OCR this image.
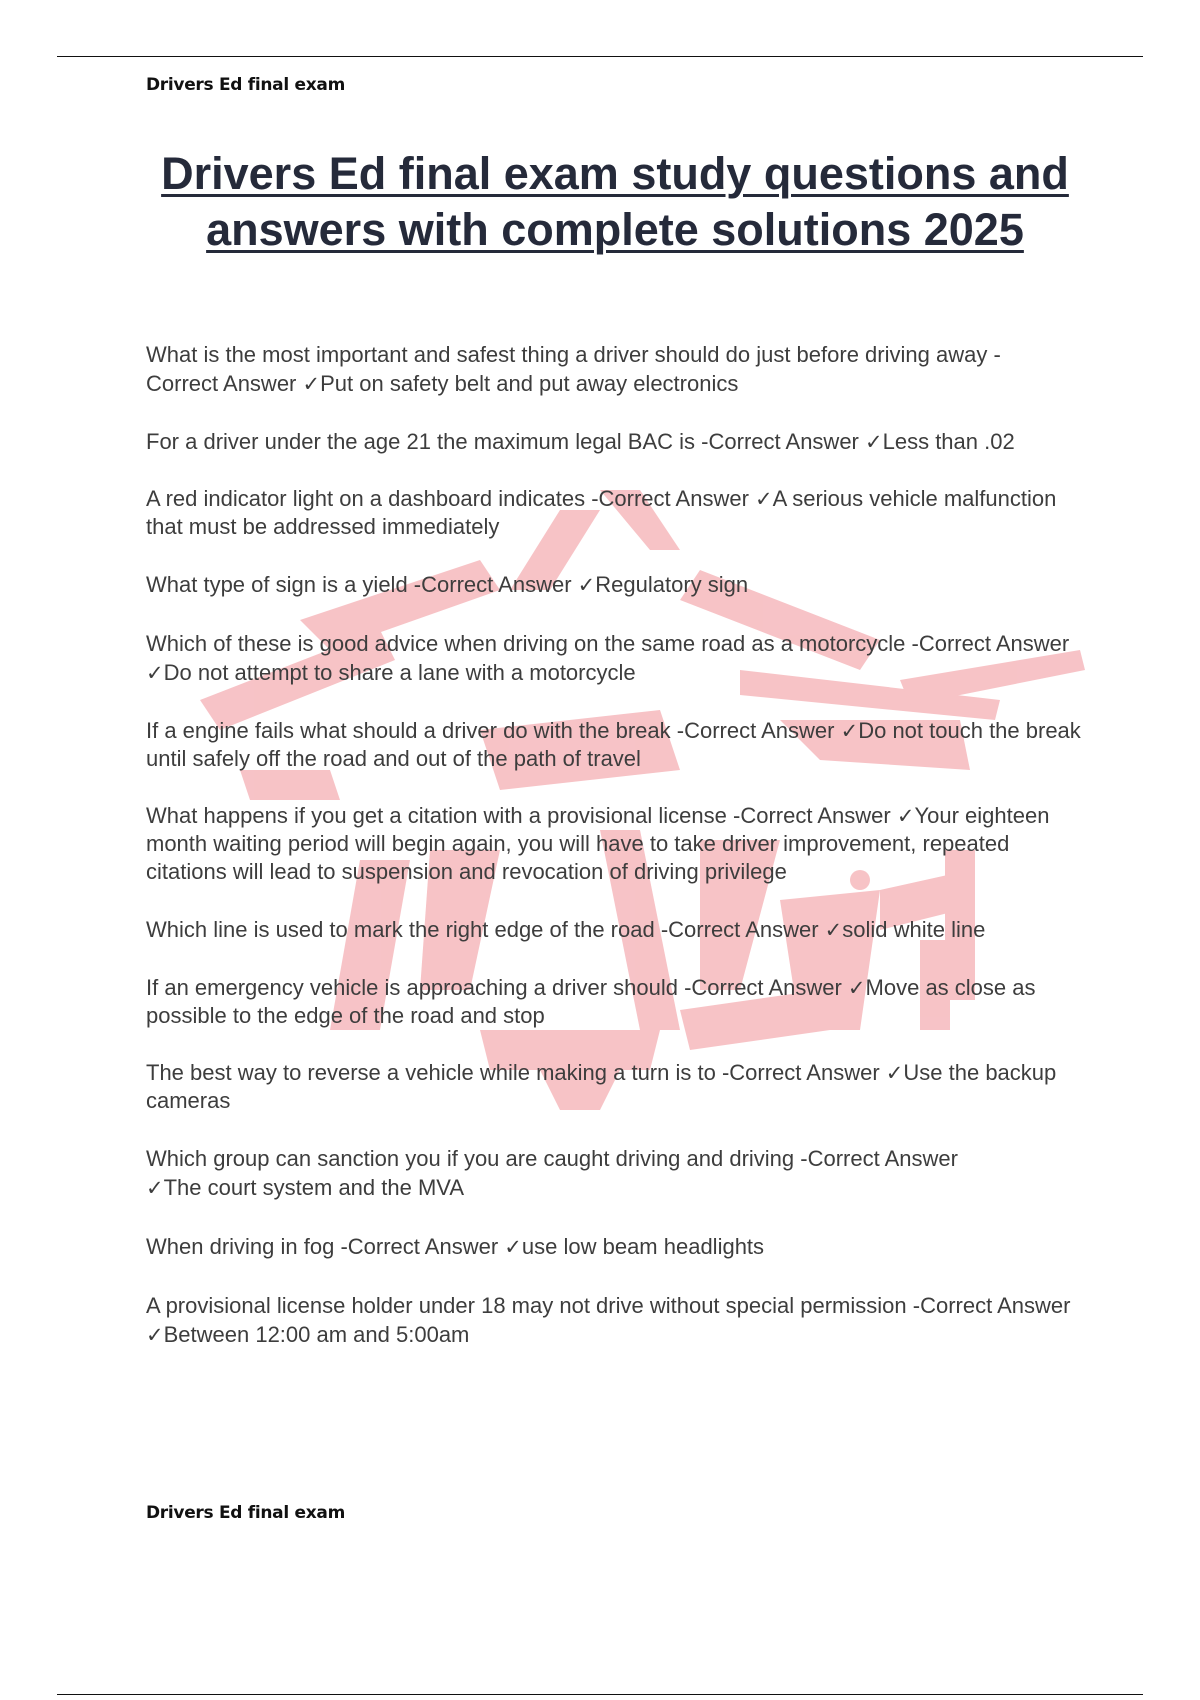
Drivers Ed final exam
Drivers Ed final exam study questions and answers with complete solutions 2025

What is the most important and safest thing a driver should do just before driving away -
Correct Answer ✓Put on safety belt and put away electronics

For a driver under the age 21 the maximum legal BAC is -Correct Answer ✓Less than .02

A red indicator light on a dashboard indicates -Correct Answer ✓A serious vehicle malfunction that must be addressed immediately

What type of sign is a yield -Correct Answer ✓Regulatory sign

Which of these is good advice when driving on the same road as a motorcycle -Correct Answer ✓Do not attempt to share a lane with a motorcycle

If a engine fails what should a driver do with the break -Correct Answer ✓Do not touch the break until safely off the road and out of the path of travel

What happens if you get a citation with a provisional license -Correct Answer ✓Your eighteen month waiting period will begin again, you will have to take driver improvement, repeated citations will lead to suspension and revocation of driving privilege

Which line is used to mark the right edge of the road -Correct Answer ✓solid white line

If an emergency vehicle is approaching a driver should -Correct Answer ✓Move as close as possible to the edge of the road and stop

The best way to reverse a vehicle while making a turn is to -Correct Answer ✓Use the backup cameras

Which group can sanction you if you are caught driving and driving -Correct Answer
✓The court system and the MVA

When driving in fog -Correct Answer ✓use low beam headlights

A provisional license holder under 18 may not drive without special permission -Correct Answer ✓Between 12:00 am and 5:00am

Drivers Ed final exam
